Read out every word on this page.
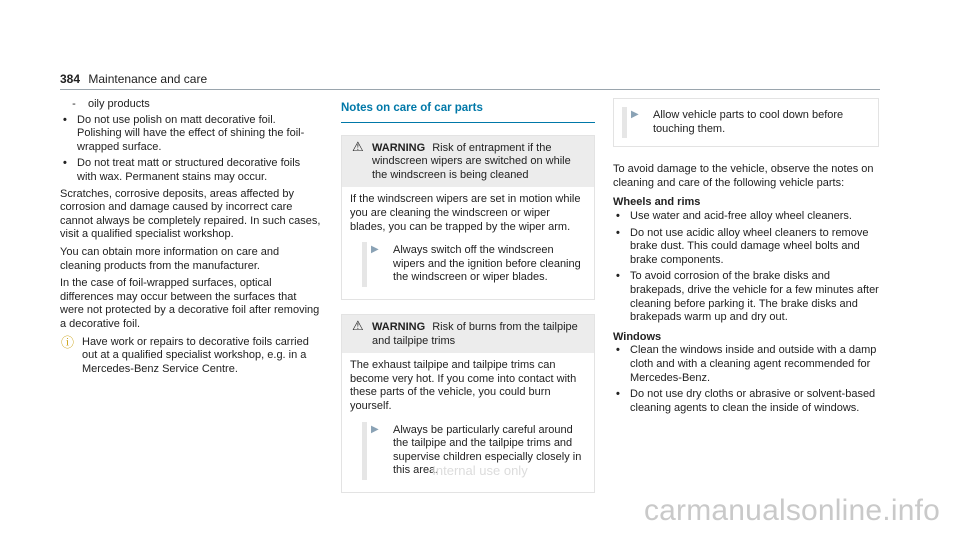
384 Maintenance and care
-	oily products
• Do not use polish on matt decorative foil. Polishing will have the effect of shining the foil-wrapped surface.
• Do not treat matt or structured decorative foils with wax. Permanent stains may occur.

Scratches, corrosive deposits, areas affected by corrosion and damage caused by incorrect care cannot always be completely repaired. In such cases, visit a qualified specialist workshop.

You can obtain more information on care and cleaning products from the manufacturer.

In the case of foil-wrapped surfaces, optical differences may occur between the surfaces that were not protected by a decorative foil after removing a decorative foil.

ⓘ Have work or repairs to decorative foils carried out at a qualified specialist workshop, e.g. in a Mercedes-Benz Service Centre.
Notes on care of car parts
⚠ WARNING Risk of entrapment if the windscreen wipers are switched on while the windscreen is being cleaned
If the windscreen wipers are set in motion while you are cleaning the windscreen or wiper blades, you can be trapped by the wiper arm.
▶ Always switch off the windscreen wipers and the ignition before cleaning the windscreen or wiper blades.
⚠ WARNING Risk of burns from the tailpipe and tailpipe trims
The exhaust tailpipe and tailpipe trims can become very hot. If you come into contact with these parts of the vehicle, you could burn yourself.
▶ Always be particularly careful around the tailpipe and the tailpipe trims and supervise children especially closely in this area.
▶ Allow vehicle parts to cool down before touching them.

To avoid damage to the vehicle, observe the notes on cleaning and care of the following vehicle parts:

Wheels and rims
• Use water and acid-free alloy wheel cleaners.
• Do not use acidic alloy wheel cleaners to remove brake dust. This could damage wheel bolts and brake components.
• To avoid corrosion of the brake disks and brakepads, drive the vehicle for a few minutes after cleaning before parking it. The brake disks and brakepads warm up and dry out.
Windows
• Clean the windows inside and outside with a damp cloth and with a cleaning agent recommended for Mercedes-Benz.
• Do not use dry cloths or abrasive or solvent-based cleaning agents to clean the inside of windows.
Internal use only
carmanualsonline.info
